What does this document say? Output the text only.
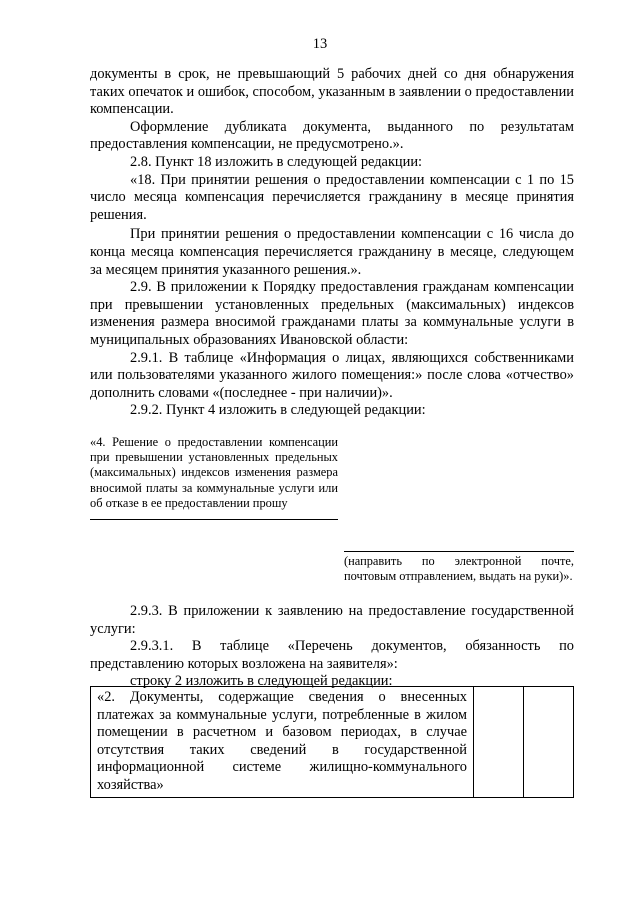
13

документы в срок, не превышающий 5 рабочих дней со дня обнаружения таких опечаток и ошибок, способом, указанным в заявлении о предоставлении компенсации.

Оформление дубликата документа, выданного по результатам предоставления компенсации, не предусмотрено.».

2.8. Пункт 18 изложить в следующей редакции:

«18. При принятии решения о предоставлении компенсации с 1 по 15 число месяца компенсация перечисляется гражданину в месяце принятия решения.

При принятии решения о предоставлении компенсации с 16 числа до конца месяца компенсация перечисляется гражданину в месяце, следующем за месяцем принятия указанного решения.».

2.9. В приложении к Порядку предоставления гражданам компенсации при превышении установленных предельных (максимальных) индексов изменения размера вносимой гражданами платы за коммунальные услуги в муниципальных образованиях Ивановской области:

2.9.1. В таблице «Информация о лицах, являющихся собственниками или пользователями указанного жилого помещения:» после слова «отчество» дополнить словами «(последнее - при наличии)».

2.9.2. Пункт 4 изложить в следующей редакции:

«4. Решение о предоставлении компенсации при превышении установленных предельных (максимальных) индексов изменения размера вносимой платы за коммунальные услуги или об отказе в ее предоставлении прошу

(направить по электронной почте, почтовым отправлением, выдать на руки)».

2.9.3. В приложении к заявлению на предоставление государственной услуги:

2.9.3.1. В таблице «Перечень документов, обязанность по представлению которых возложена на заявителя»:

строку 2 изложить в следующей редакции:

«2. Документы, содержащие сведения о внесенных платежах за коммунальные услуги, потребленные в жилом помещении в расчетном и базовом периодах, в случае отсутствия таких сведений в государственной информационной системе жилищно-коммунального хозяйства»		
